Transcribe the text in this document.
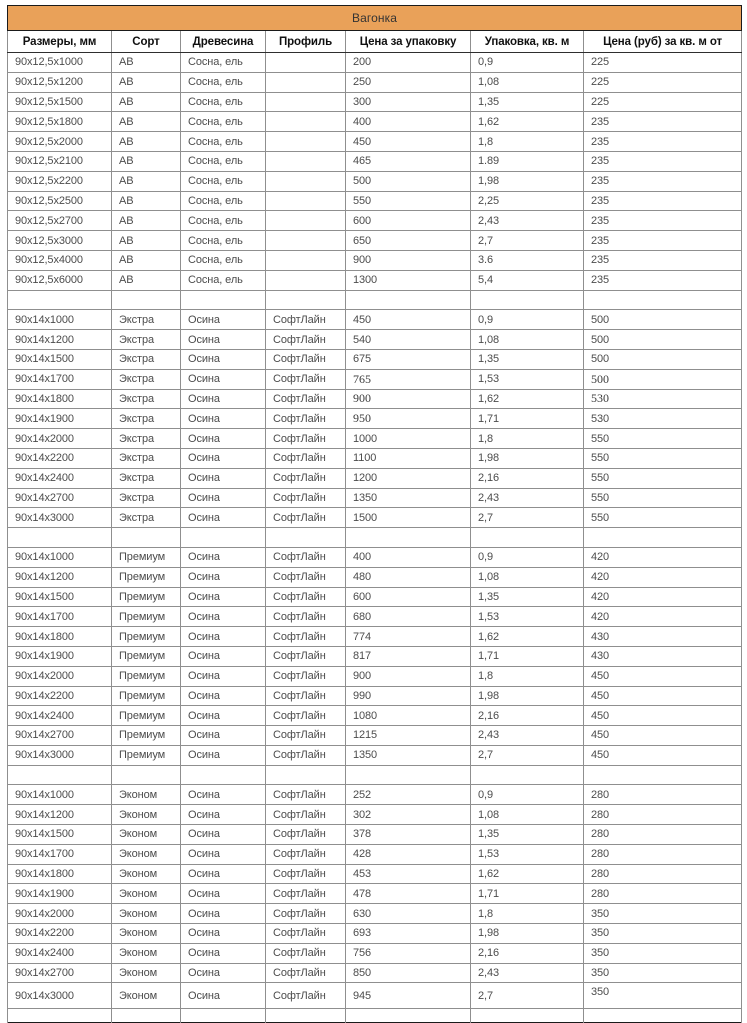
Вагонка						
Размеры, мм	Сорт	Древесина	Профиль	Цена за упаковку	Упаковка, кв. м	Цена (руб) за кв. м от
90х12,5х1000	АВ	Сосна, ель		200	0,9	225
90х12,5х1200	АВ	Сосна, ель		250	1,08	225
90х12,5х1500	АВ	Сосна, ель		300	1,35	225
90х12,5х1800	АВ	Сосна, ель		400	1,62	235
90х12,5х2000	АВ	Сосна, ель		450	1,8	235
90х12,5х2100	АВ	Сосна, ель		465	1.89	235
90х12,5х2200	АВ	Сосна, ель		500	1,98	235
90х12,5х2500	АВ	Сосна, ель		550	2,25	235
90х12,5х2700	АВ	Сосна, ель		600	2,43	235
90х12,5х3000	АВ	Сосна, ель		650	2,7	235
90х12,5х4000	АВ	Сосна, ель		900	3.6	235
90х12,5х6000	АВ	Сосна, ель		1300	5,4	235

90х14х1000	Экстра	Осина	СофтЛайн	450	0,9	500
90х14х1200	Экстра	Осина	СофтЛайн	540	1,08	500
90х14х1500	Экстра	Осина	СофтЛайн	675	1,35	500
90х14х1700	Экстра	Осина	СофтЛайн	765	1,53	500
90х14х1800	Экстра	Осина	СофтЛайн	900	1,62	530
90х14х1900	Экстра	Осина	СофтЛайн	950	1,71	530
90х14х2000	Экстра	Осина	СофтЛайн	1000	1,8	550
90х14х2200	Экстра	Осина	СофтЛайн	1100	1,98	550
90х14х2400	Экстра	Осина	СофтЛайн	1200	2,16	550
90х14х2700	Экстра	Осина	СофтЛайн	1350	2,43	550
90х14х3000	Экстра	Осина	СофтЛайн	1500	2,7	550

90х14х1000	Премиум	Осина	СофтЛайн	400	0,9	420
90х14х1200	Премиум	Осина	СофтЛайн	480	1,08	420
90х14х1500	Премиум	Осина	СофтЛайн	600	1,35	420
90х14х1700	Премиум	Осина	СофтЛайн	680	1,53	420
90х14х1800	Премиум	Осина	СофтЛайн	774	1,62	430
90х14х1900	Премиум	Осина	СофтЛайн	817	1,71	430
90х14х2000	Премиум	Осина	СофтЛайн	900	1,8	450
90х14х2200	Премиум	Осина	СофтЛайн	990	1,98	450
90х14х2400	Премиум	Осина	СофтЛайн	1080	2,16	450
90х14х2700	Премиум	Осина	СофтЛайн	1215	2,43	450
90х14х3000	Премиум	Осина	СофтЛайн	1350	2,7	450

90х14х1000	Эконом	Осина	СофтЛайн	252	0,9	280
90х14х1200	Эконом	Осина	СофтЛайн	302	1,08	280
90х14х1500	Эконом	Осина	СофтЛайн	378	1,35	280
90х14х1700	Эконом	Осина	СофтЛайн	428	1,53	280
90х14х1800	Эконом	Осина	СофтЛайн	453	1,62	280
90х14х1900	Эконом	Осина	СофтЛайн	478	1,71	280
90х14х2000	Эконом	Осина	СофтЛайн	630	1,8	350
90х14х2200	Эконом	Осина	СофтЛайн	693	1,98	350
90х14х2400	Эконом	Осина	СофтЛайн	756	2,16	350
90х14х2700	Эконом	Осина	СофтЛайн	850	2,43	350
90х14х3000	Эконом	Осина	СофтЛайн	945	2,7	350
